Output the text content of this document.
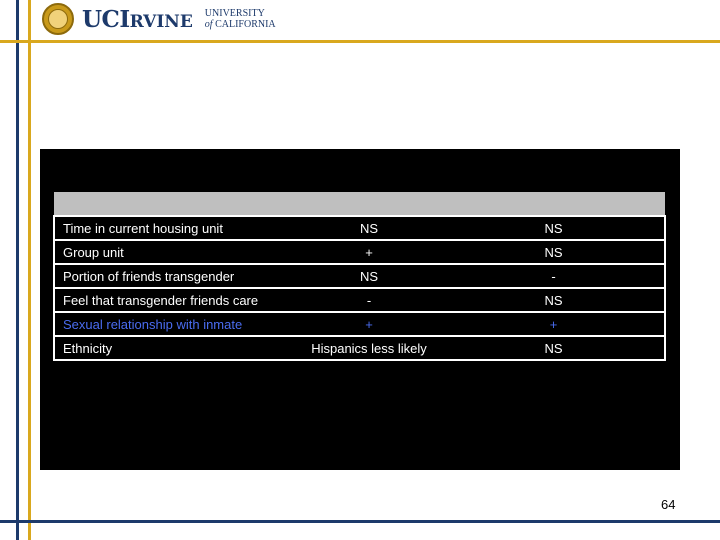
UCIRVINE UNIVERSITY
of CALIFORNIA

Time in current housing unit	NS	NS
Group unit	+	NS
Portion of friends transgender	NS	-
Feel that transgender friends care	-	NS
Sexual relationship with inmate	+	+
Ethnicity	Hispanics less likely	NS
64
